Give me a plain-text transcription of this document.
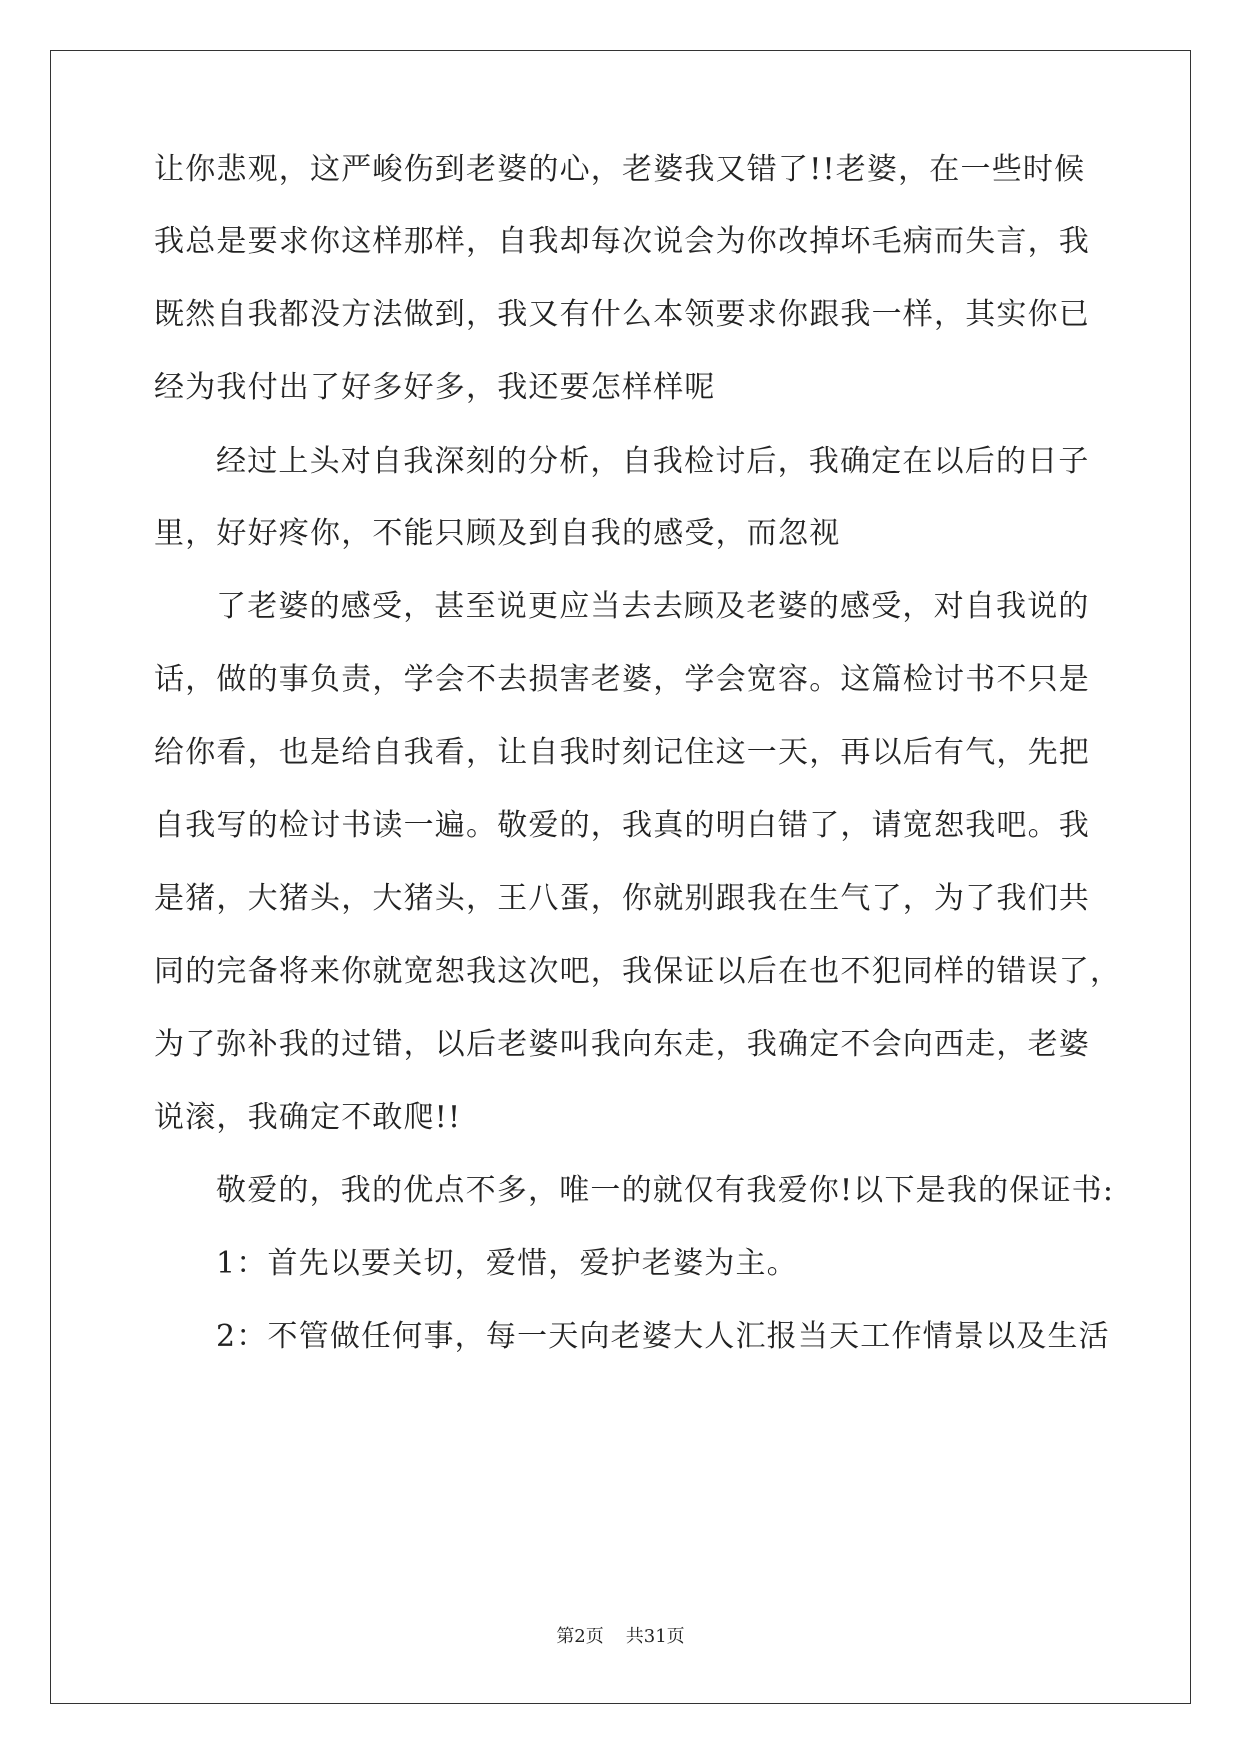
让你悲观，这严峻伤到老婆的心，老婆我又错了!!老婆，在一些时候
我总是要求你这样那样，自我却每次说会为你改掉坏毛病而失言，我
既然自我都没方法做到，我又有什么本领要求你跟我一样，其实你已
经为我付出了好多好多，我还要怎样样呢
经过上头对自我深刻的分析，自我检讨后，我确定在以后的日子
里，好好疼你，不能只顾及到自我的感受，而忽视
了老婆的感受，甚至说更应当去去顾及老婆的感受，对自我说的
话，做的事负责，学会不去损害老婆，学会宽容。这篇检讨书不只是
给你看，也是给自我看，让自我时刻记住这一天，再以后有气，先把
自我写的检讨书读一遍。敬爱的，我真的明白错了，请宽恕我吧。我
是猪，大猪头，大猪头，王八蛋，你就别跟我在生气了，为了我们共
同的完备将来你就宽恕我这次吧，我保证以后在也不犯同样的错误了，
为了弥补我的过错，以后老婆叫我向东走，我确定不会向西走，老婆
说滚，我确定不敢爬!!
敬爱的，我的优点不多，唯一的就仅有我爱你!以下是我的保证书:
1：首先以要关切，爱惜，爱护老婆为主。
2：不管做任何事，每一天向老婆大人汇报当天工作情景以及生活
第2页 共31页
